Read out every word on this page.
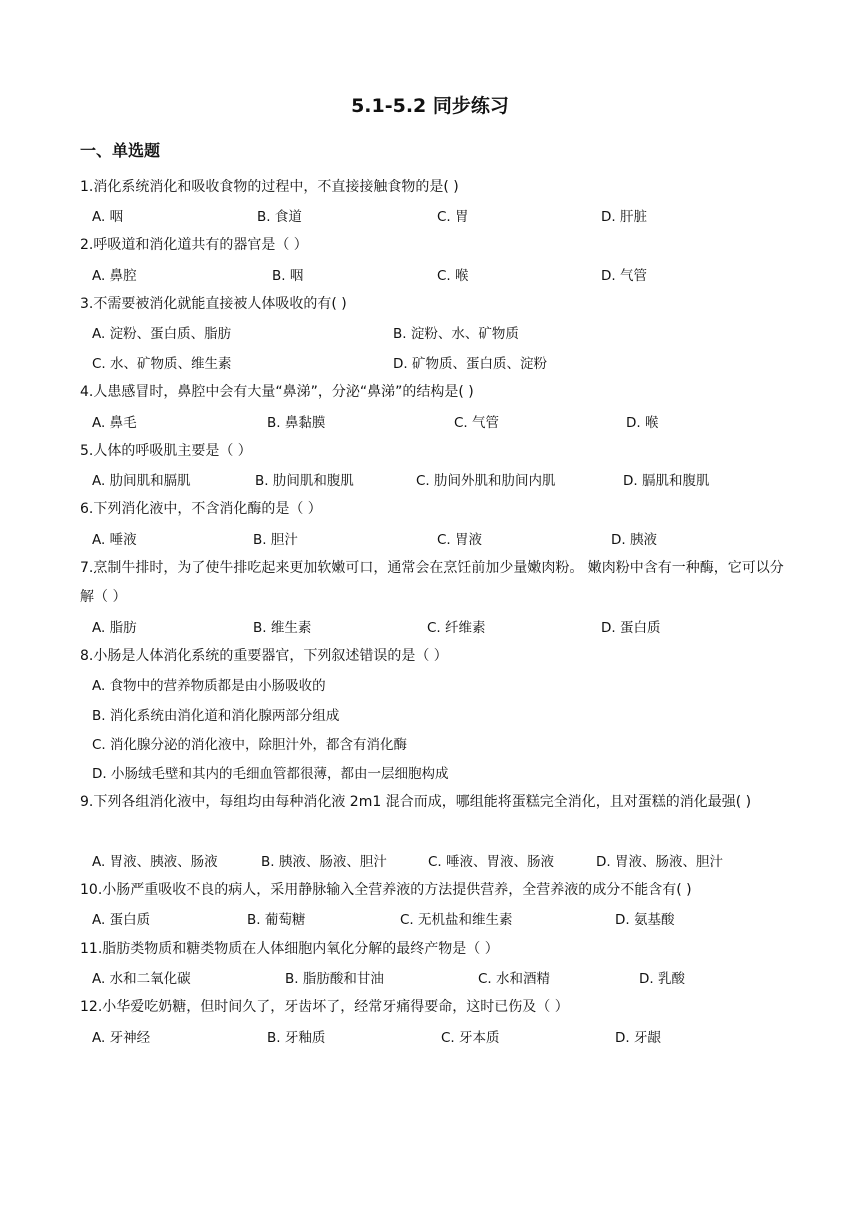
5.1-5.2 同步练习
一、单选题
1.消化系统消化和吸收食物的过程中，不直接接触食物的是( )
A. 咽	B. 食道	C. 胃	D. 肝脏
2.呼吸道和消化道共有的器官是（ ）
A. 鼻腔	B. 咽	C. 喉	D. 气管
3.不需要被消化就能直接被人体吸收的有( )
A. 淀粉、蛋白质、脂肪	B. 淀粉、水、矿物质
C. 水、矿物质、维生素	D. 矿物质、蛋白质、淀粉
4.人患感冒时，鼻腔中会有大量“鼻涕”，分泌“鼻涕”的结构是( )
A. 鼻毛	B. 鼻黏膜	C. 气管	D. 喉
5.人体的呼吸肌主要是（ ）
A. 肋间肌和膈肌	B. 肋间肌和腹肌	C. 肋间外肌和肋间内肌	D. 膈肌和腹肌
6.下列消化液中，不含消化酶的是（ ）
A. 唾液	B. 胆汁	C. 胃液	D. 胰液
7.烹制牛排时，为了使牛排吃起来更加软嫩可口，通常会在烹饪前加少量嫩肉粉。 嫩肉粉中含有一种酶，它可以分解（ ）
A. 脂肪	B. 维生素	C. 纤维素	D. 蛋白质
8.小肠是人体消化系统的重要器官，下列叙述错误的是（ ）
A. 食物中的营养物质都是由小肠吸收的
B. 消化系统由消化道和消化腺两部分组成
C. 消化腺分泌的消化液中，除胆汁外，都含有消化酶
D. 小肠绒毛壁和其内的毛细血管都很薄，都由一层细胞构成
9.下列各组消化液中，每组均由每种消化液 2m1 混合而成，哪组能将蛋糕完全消化，且对蛋糕的消化最强( )
A. 胃液、胰液、肠液	B. 胰液、肠液、胆汁	C. 唾液、胃液、肠液	D. 胃液、肠液、胆汁
10.小肠严重吸收不良的病人，采用静脉输入全营养液的方法提供营养，全营养液的成分不能含有( )
A. 蛋白质	B. 葡萄糖	C. 无机盐和维生素	D. 氨基酸
11.脂肪类物质和糖类物质在人体细胞内氧化分解的最终产物是（ ）
A. 水和二氧化碳	B. 脂肪酸和甘油	C. 水和酒精	D. 乳酸
12.小华爱吃奶糖，但时间久了，牙齿坏了，经常牙痛得要命，这时已伤及（ ）
A. 牙神经	B. 牙釉质	C. 牙本质	D. 牙龈
